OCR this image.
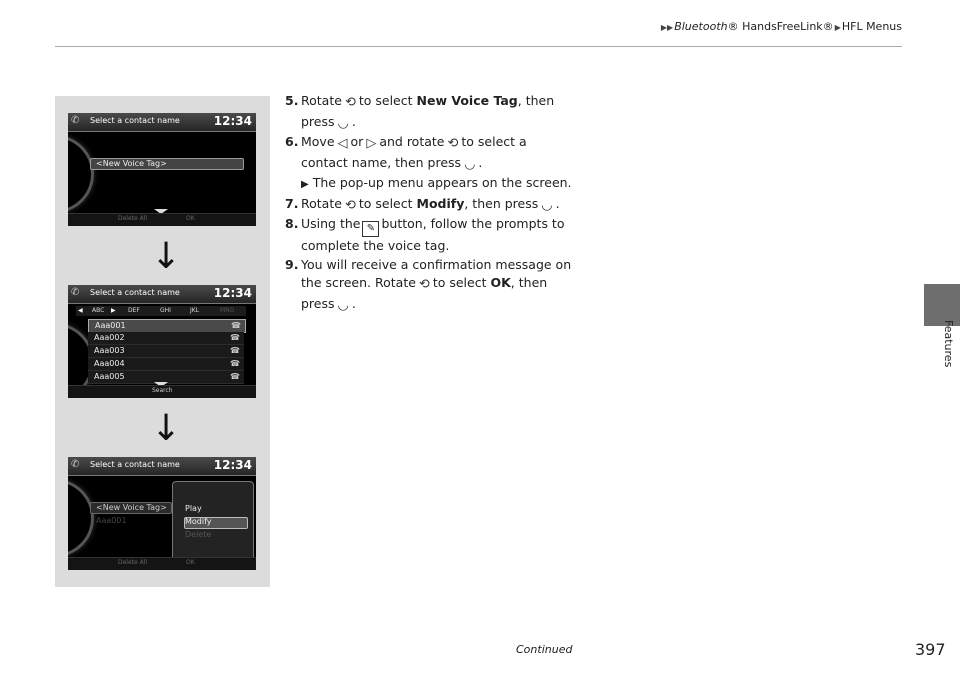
▶▶Bluetooth® HandsFreeLink®▶HFL Menus
Features
✆	Select a contact name	12:34
<New Voice Tag>
Delete All	OK
↓
✆	Select a contact name	12:34
◀ ABC ▶ DEF	GHI	JKL	MNO
Aaa001	☎
Aaa002	☎
Aaa003	☎
Aaa004	☎
Aaa005	☎
Search
↓
✆	Select a contact name	12:34
<New Voice Tag>
Aaa001
Play
Modify
Delete
Delete All	OK
5. Rotate ⟲ to select New Voice Tag, then
press ◡ .
6. Move ◁ or ▷ and rotate ⟲ to select a
contact name, then press ◡ .
▶ The pop-up menu appears on the screen.
7. Rotate ⟲ to select Modify, then press ◡ .
8. Using the ✎ button, follow the prompts to
complete the voice tag.
9. You will receive a confirmation message on
the screen. Rotate ⟲ to select OK, then
press ◡ .
Continued	397
